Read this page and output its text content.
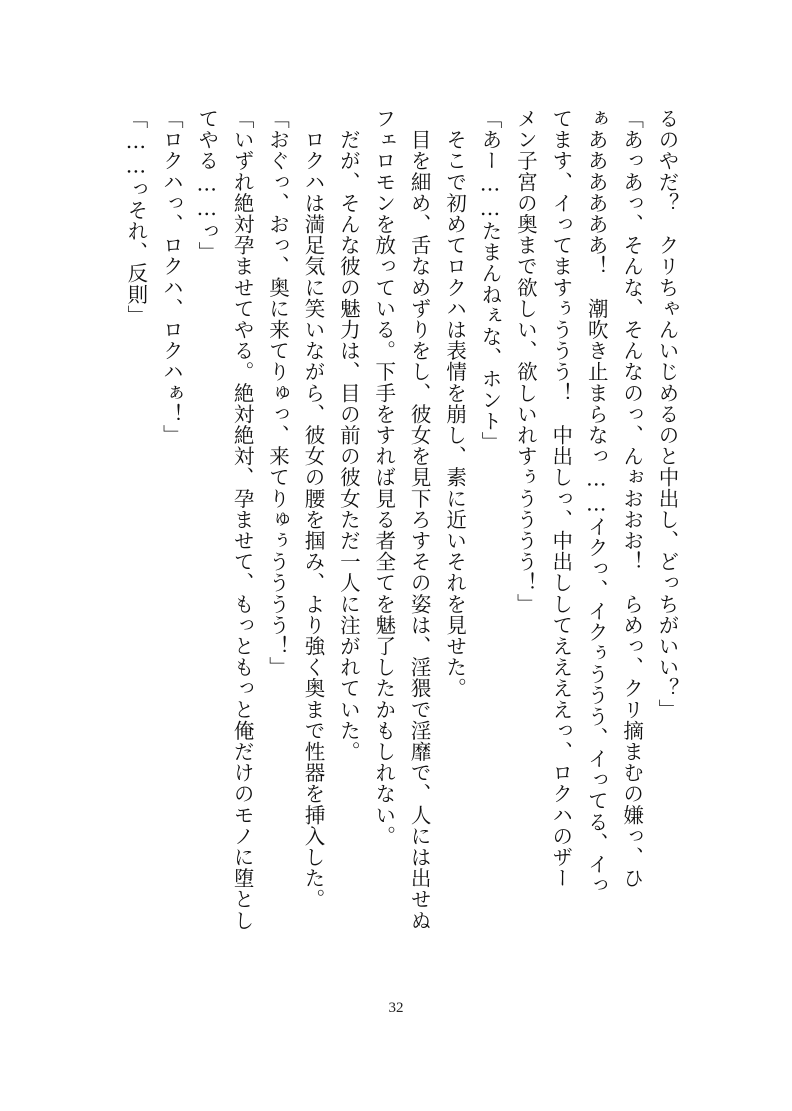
るのやだ？　クリちゃんいじめるのと中出し、どっちがいい？」
「あっあっ、そんな、そんなのっ、んぉおおお！　らめっ、クリ摘まむの嫌っ、ひ
ぁああああああ！　潮吹き止まらなっ……イクっ、イクぅううう、イってる、イっ
てます、イってますぅううう！　中出しっ、中出ししてええええっ、ロクハのザー
メン子宮の奥まで欲しい、欲しいれすぅうううう！」
「あー……たまんねぇな、ホント」
　そこで初めてロクハは表情を崩し、素に近いそれを見せた。
　目を細め、舌なめずりをし、彼女を見下ろすその姿は、淫猥で淫靡で、人には出せぬ
フェロモンを放っている。下手をすれば見る者全てを魅了したかもしれない。
　だが、そんな彼の魅力は、目の前の彼女ただ一人に注がれていた。
　ロクハは満足気に笑いながら、彼女の腰を掴み、より強く奥まで性器を挿入した。
「おぐっ、おっ、奥に来てりゅっ、来てりゅぅうううう！」
「いずれ絶対孕ませてやる。絶対絶対、孕ませて、もっともっと俺だけのモノに堕とし
てやる……っ」
「ロクハっ、ロクハ、ロクハぁ！」
「……っそれ、反則」
32
